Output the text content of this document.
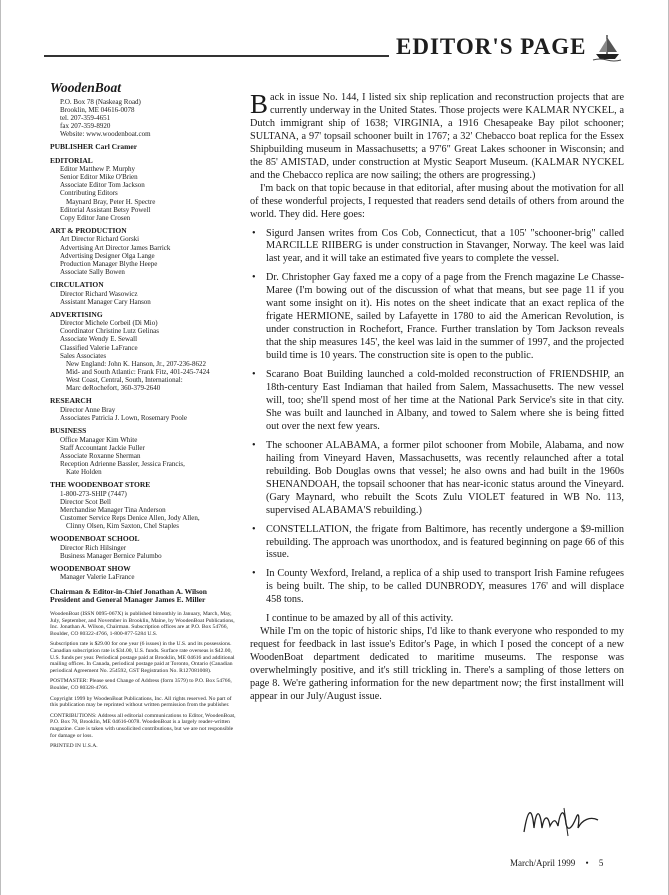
EDITOR'S PAGE
WoodenBoat
P.O. Box 78 (Naskeag Road)
Brooklin, ME 04616-0078
tel. 207-359-4651
fax 207-359-8920
Website: www.woodenboat.com
PUBLISHER Carl Cramer
EDITORIAL
Editor Matthew P. Murphy
Senior Editor Mike O'Brien
Associate Editor Tom Jackson
Contributing Editors
Maynard Bray, Peter H. Spectre
Editorial Assistant Betsy Powell
Copy Editor Jane Crosen
ART & PRODUCTION
Art Director Richard Gorski
Advertising Art Director James Barrick
Advertising Designer Olga Lange
Production Manager Blythe Heepe
Associate Sally Bowen
CIRCULATION
Director Richard Wasowicz
Assistant Manager Cary Hanson
ADVERTISING
Director Michele Corbeil (Di Mio)
Coordinator Christine Lutz Gelinas
Associate Wendy E. Sewall
Classified Valerie LaFrance
Sales Associates
New England: John K. Hanson, Jr., 207-236-8622
Mid- and South Atlantic: Frank Fitz, 401-245-7424
West Coast, Central, South, International:
Marc deRochefort, 360-379-2640
RESEARCH
Director Anne Bray
Associates Patricia J. Lown, Rosemary Poole
BUSINESS
Office Manager Kim White
Staff Accountant Jackie Fuller
Associate Roxanne Sherman
Reception Adrienne Bassler, Jessica Francis,
Kate Holden
THE WOODENBOAT STORE
1-800-273-SHIP (7447)
Director Scot Bell
Merchandise Manager Tina Anderson
Customer Service Reps Denice Allen, Jody Allen,
Clinny Olsen, Kim Saxton, Chel Staples
WOODENBOAT SCHOOL
Director Rich Hilsinger
Business Manager Bernice Palumbo
WOODENBOAT SHOW
Manager Valerie LaFrance
Chairman & Editor-in-Chief Jonathan A. Wilson
President and General Manager James E. Miller

WoodenBoat (ISSN 0095-067X) is published bimonthly in January, March, May, July, September, and November in Brooklin, Maine, by WoodenBoat Publications, Inc. Jonathan A. Wilson, Chairman. Subscription offices are at P.O. Box 54766, Boulder, CO 80322-4766, 1-800-877-5284 U.S.

Subscription rate is $29.00 for one year (6 issues) in the U.S. and its possessions. Canadian subscription rate is $34.00, U.S. funds. Surface rate overseas is $42.00, U.S. funds per year. Periodical postage paid at Brooklin, ME 04616 and additional mailing offices. In Canada, periodical postage paid at Toronto, Ontario (Canadian periodical Agreement No. 254592, GST Registration No. R127081008).

POSTMASTER: Please send Change of Address (form 3579) to P.O. Box 54766, Boulder, CO 80328-4766.

Copyright 1999 by WoodenBoat Publications, Inc. All rights reserved. No part of this publication may be reprinted without written permission from the publisher.

CONTRIBUTIONS: Address all editorial communications to Editor, WoodenBoat, P.O. Box 78, Brooklin, ME 04616-0078. WoodenBoat is a largely reader-written magazine. Care is taken with unsolicited contributions, but we are not responsible for damage or loss.

PRINTED IN U.S.A.

Back in issue No. 144, I listed six ship replication and reconstruction projects that are currently underway in the United States. Those projects were KALMAR NYCKEL, a Dutch immigrant ship of 1638; VIRGINIA, a 1916 Chesapeake Bay pilot schooner; SULTANA, a 97' topsail schooner built in 1767; a 32' Chebacco boat replica for the Essex Shipbuilding museum in Massachusetts; a 97'6" Great Lakes schooner in Wisconsin; and the 85' AMISTAD, under construction at Mystic Seaport Museum. (KALMAR NYCKEL and the Chebacco replica are now sailing; the others are progressing.)

I'm back on that topic because in that editorial, after musing about the motivation for all of these wonderful projects, I requested that readers send details of others from around the world. They did. Here goes:

• Sigurd Jansen writes from Cos Cob, Connecticut, that a 105' "schooner-brig" called MARCILLE RIIBERG is under construction in Stavanger, Norway. The keel was laid last year, and it will take an estimated five years to complete the vessel.
• Dr. Christopher Gay faxed me a copy of a page from the French magazine Le Chasse-Maree (I'm bowing out of the discussion of what that means, but see page 11 if you want some insight on it). His notes on the sheet indicate that an exact replica of the frigate HERMIONE, sailed by Lafayette in 1780 to aid the American Revolution, is under construction in Rochefort, France. Further translation by Tom Jackson reveals that the ship measures 145', the keel was laid in the summer of 1997, and the projected build time is 10 years. The construction site is open to the public.
• Scarano Boat Building launched a cold-molded reconstruction of FRIENDSHIP, an 18th-century East Indiaman that hailed from Salem, Massachusetts. The new vessel will, too; she'll spend most of her time at the National Park Service's site in that city. She was built and launched in Albany, and towed to Salem where she is being fitted out over the next few years.
• The schooner ALABAMA, a former pilot schooner from Mobile, Alabama, and now hailing from Vineyard Haven, Massachusetts, was recently relaunched after a total rebuilding. Bob Douglas owns that vessel; he also owns and had built in the 1960s SHENANDOAH, the topsail schooner that has near-iconic status around the Vineyard. (Gary Maynard, who rebuilt the Scots Zulu VIOLET featured in WB No. 113, supervised ALABAMA'S rebuilding.)
• CONSTELLATION, the frigate from Baltimore, has recently undergone a $9-million rebuilding. The approach was unorthodox, and is featured beginning on page 66 of this issue.
• In County Wexford, Ireland, a replica of a ship used to transport Irish Famine refugees is being built. The ship, to be called DUNBRODY, measures 176' and will displace 458 tons.

I continue to be amazed by all of this activity.

While I'm on the topic of historic ships, I'd like to thank everyone who responded to my request for feedback in last issue's Editor's Page, in which I posed the concept of a new WoodenBoat department dedicated to maritime museums. The response was overwhelmingly positive, and it's still trickling in. There's a sampling of those letters on page 8. We're gathering information for the new department now; the first installment will appear in our July/August issue.

March/April 1999 • 5
